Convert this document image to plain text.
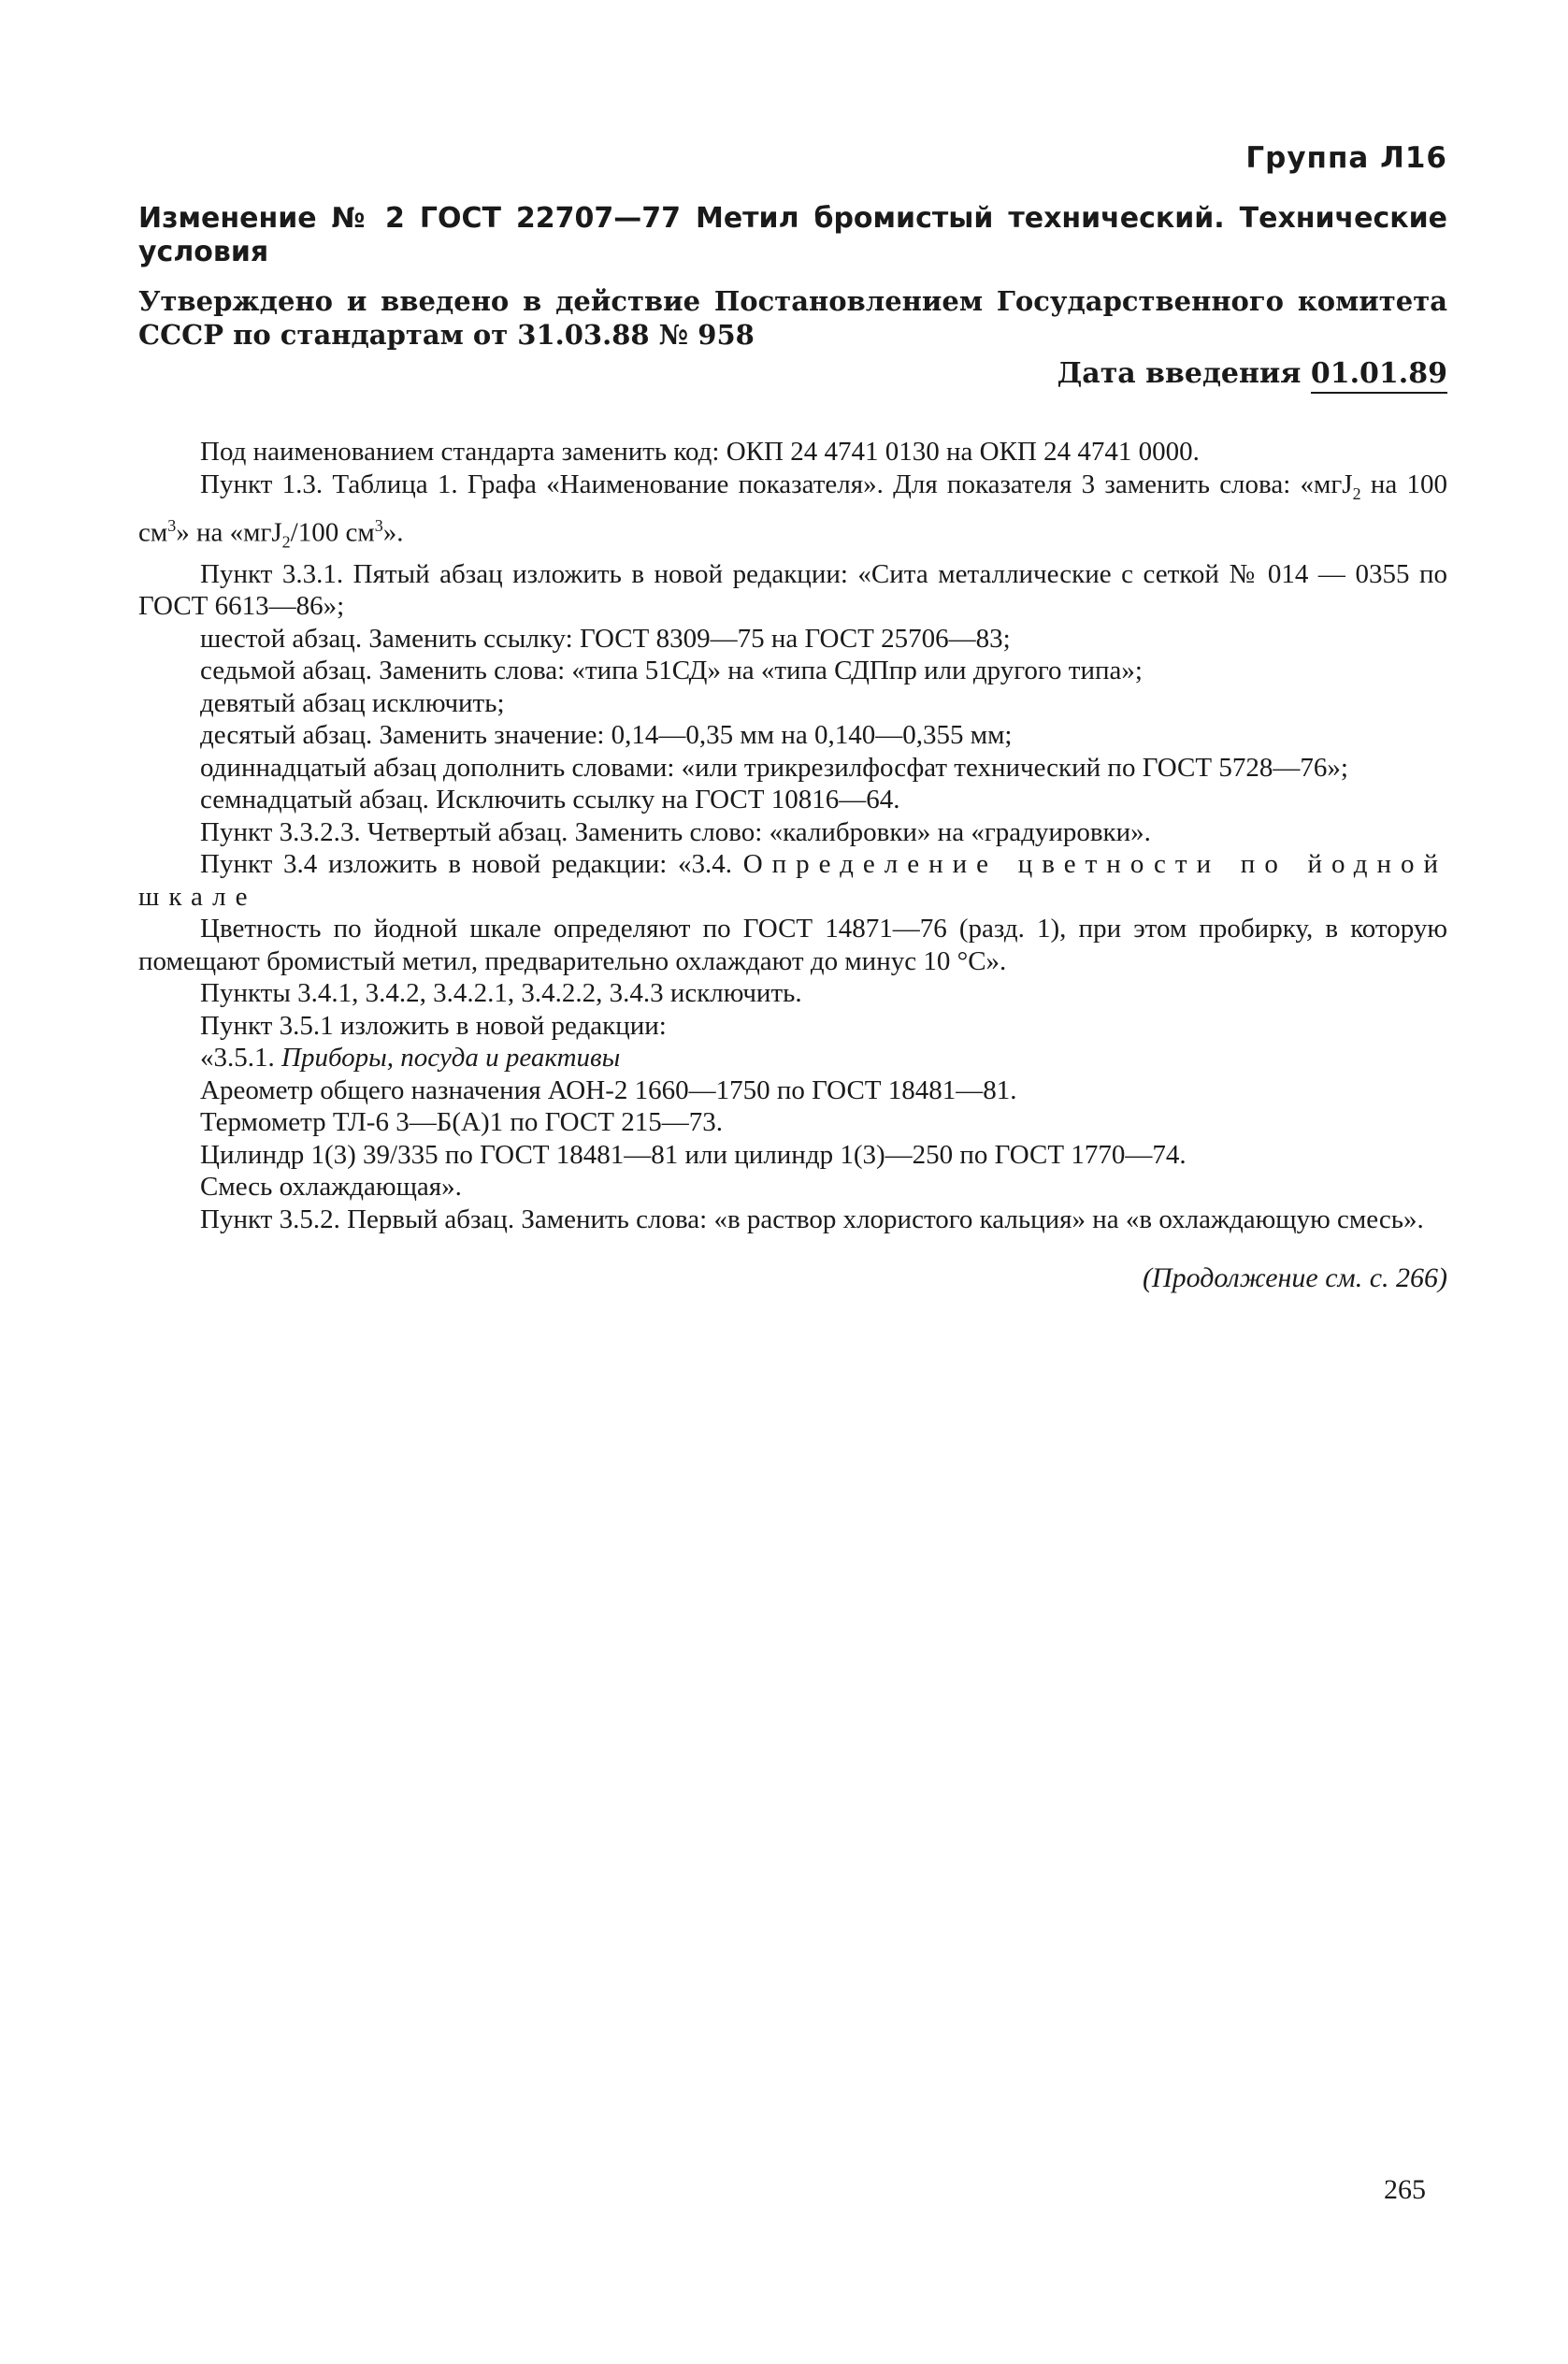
Группа Л16

Изменение № 2 ГОСТ 22707—77 Метил бромистый технический. Технические условия

Утверждено и введено в действие Постановлением Государственного комитета СССР по стандартам от 31.03.88 № 958

Дата введения 01.01.89

Под наименованием стандарта заменить код: ОКП 24 4741 0130 на ОКП 24 4741 0000.

Пункт 1.3. Таблица 1. Графа «Наименование показателя». Для показателя 3 заменить слова: «мгJ$_2$ на 100 $см^3$» на «мгJ$_2$/100 $см^3$».

Пункт 3.3.1. Пятый абзац изложить в новой редакции: «Сита металлические с сеткой № 014 — 0355 по ГОСТ 6613—86»;

шестой абзац. Заменить ссылку: ГОСТ 8309—75 на ГОСТ 25706—83;

седьмой абзац. Заменить слова: «типа 51СД» на «типа СДПпр или другого типа»;

девятый абзац исключить;

десятый абзац. Заменить значение: 0,14—0,35 мм на 0,140—0,355 мм;

одиннадцатый абзац дополнить словами: «или трикрезилфосфат технический по ГОСТ 5728—76»;

семнадцатый абзац. Исключить ссылку на ГОСТ 10816—64.

Пункт 3.3.2.3. Четвертый абзац. Заменить слово: «калибровки» на «градуировки».

Пункт 3.4 изложить в новой редакции: «3.4. Определение цветности по йодной шкале

Цветность по йодной шкале определяют по ГОСТ 14871—76 (разд. 1), при этом пробирку, в которую помещают бромистый метил, предварительно охлаждают до минус 10 °С».

Пункты 3.4.1, 3.4.2, 3.4.2.1, 3.4.2.2, 3.4.3 исключить.

Пункт 3.5.1 изложить в новой редакции:

«3.5.1. Приборы, посуда и реактивы

Ареометр общего назначения АОН-2 1660—1750 по ГОСТ 18481—81.

Термометр ТЛ-6 3—Б(А)1 по ГОСТ 215—73.

Цилиндр 1(3) 39/335 по ГОСТ 18481—81 или цилиндр 1(3)—250 по ГОСТ 1770—74.

Смесь охлаждающая».

Пункт 3.5.2. Первый абзац. Заменить слова: «в раствор хлористого кальция» на «в охлаждающую смесь».

(Продолжение см. с. 266)
265
